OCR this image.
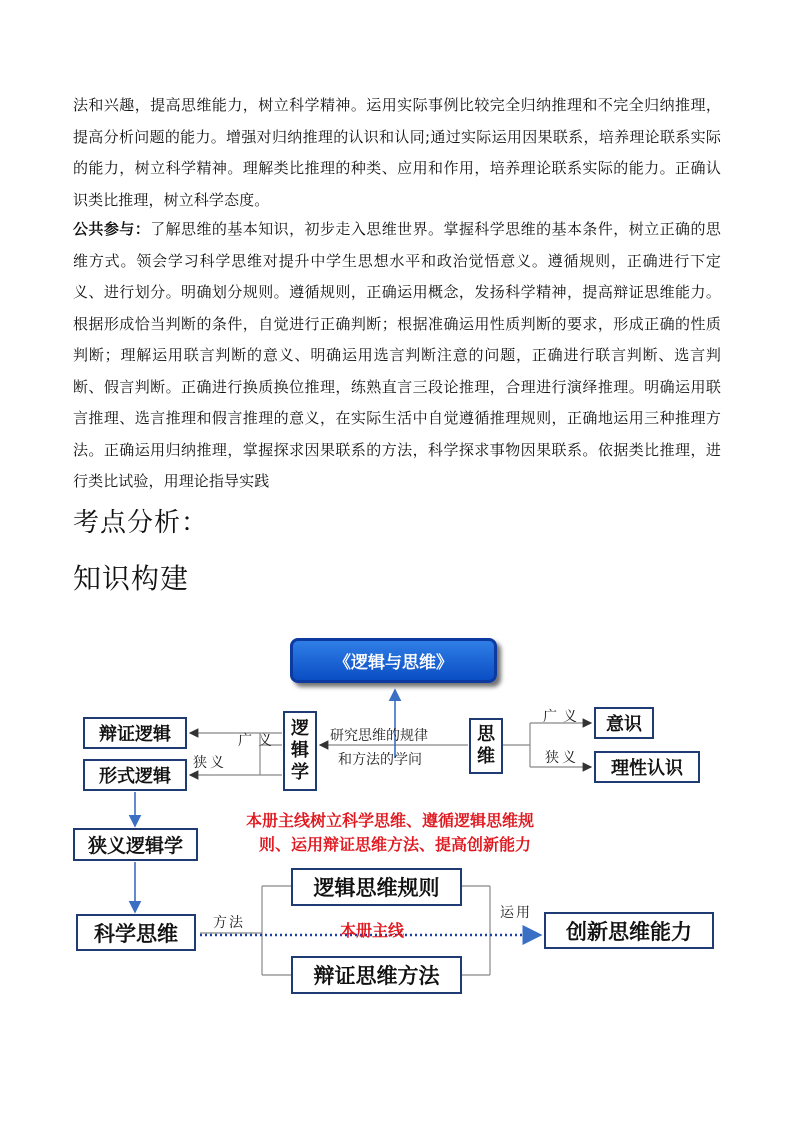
法和兴趣，提高思维能力，树立科学精神。运用实际事例比较完全归纳推理和不完全归纳推理，提高分析问题的能力。增强对归纳推理的认识和认同;通过实际运用因果联系，培养理论联系实际的能力，树立科学精神。理解类比推理的种类、应用和作用，培养理论联系实际的能力。正确认识类比推理，树立科学态度。
公共参与：了解思维的基本知识，初步走入思维世界。掌握科学思维的基本条件，树立正确的思维方式。领会学习科学思维对提升中学生思想水平和政治觉悟意义。遵循规则，正确进行下定义、进行划分。明确划分规则。遵循规则，正确运用概念，发扬科学精神，提高辩证思维能力。根据形成恰当判断的条件，自觉进行正确判断；根据准确运用性质判断的要求，形成正确的性质判断；理解运用联言判断的意义、明确运用选言判断注意的问题，正确进行联言判断、选言判断、假言判断。正确进行换质换位推理，练熟直言三段论推理，合理进行演绎推理。明确运用联言推理、选言推理和假言推理的意义，在实际生活中自觉遵循推理规则，正确地运用三种推理方法。正确运用归纳推理，掌握探求因果联系的方法，科学探求事物因果联系。依据类比推理，进行类比试验，用理论指导实践
考点分析：
知识构建
《逻辑与思维》
逻辑学
思维
研究思维的规律
和方法的学问
辩证逻辑
形式逻辑
广义
狭义
意识
理性认识
广义
狭义
本册主线树立科学思维、遵循逻辑思维规
则、运用辩证思维方法、提高创新能力
狭义逻辑学
科学思维
逻辑思维规则
辩证思维方法
创新思维能力
方法
运用
本册主线
